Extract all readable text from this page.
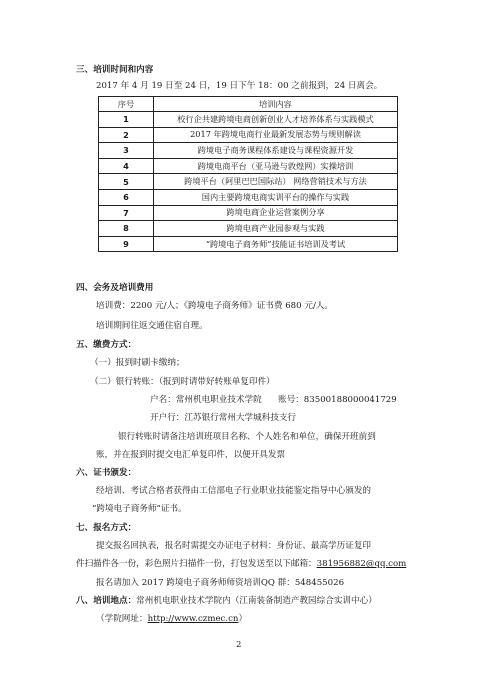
三、培训时间和内容
2017 年 4 月 19 日至 24 日，19 日下午 18：00 之前报到，24 日离会。
序号	培训内容
1	校行企共建跨境电商创新创业人才培养体系与实践模式
2	2017 年跨境电商行业最新发展态势与规则解读
3	跨境电子商务课程体系建设与课程资源开发
4	跨境电商平台（亚马逊与敦煌网）实操培训
5	跨境平台（阿里巴巴国际站） 网络营销技术与方法
6	国内主要跨境电商实训平台的操作与实践
7	跨境电商企业运营案例分享
8	跨境电商产业园参观与实践
9	“跨境电子商务师”技能证书培训及考试
四、会务及培训费用
培训费：2200 元/人；《跨境电子商务师》证书费 680 元/人。
培训期间往返交通住宿自理。
五、缴费方式：
（一）报到时刷卡缴纳；
（二）银行转账：（报到时请带好转账单复印件）
户名：常州机电职业技术学院 账号：83500188000041729
开户行：江苏银行常州大学城科技支行
银行转账时请备注培训班项目名称、个人姓名和单位，确保开班前到
账，并在报到时提交电汇单复印件，以便开具发票
六、证书颁发：
经培训、考试合格者获得由工信部电子行业职业技能鉴定指导中心颁发的
“跨境电子商务师”证书。
七、报名方式：
提交报名回执表，报名时需提交办证电子材料：身份证、最高学历证复印
件扫描件各一份，彩色照片扫描件一份，打包发送至以下邮箱：381956882@qq.com
报名请加入 2017 跨境电子商务师师资培训QQ 群：548455026
八、培训地点：常州机电职业技术学院内（江南装备制造产教园综合实训中心）
（学院网址：http://www.czmec.cn）
2
